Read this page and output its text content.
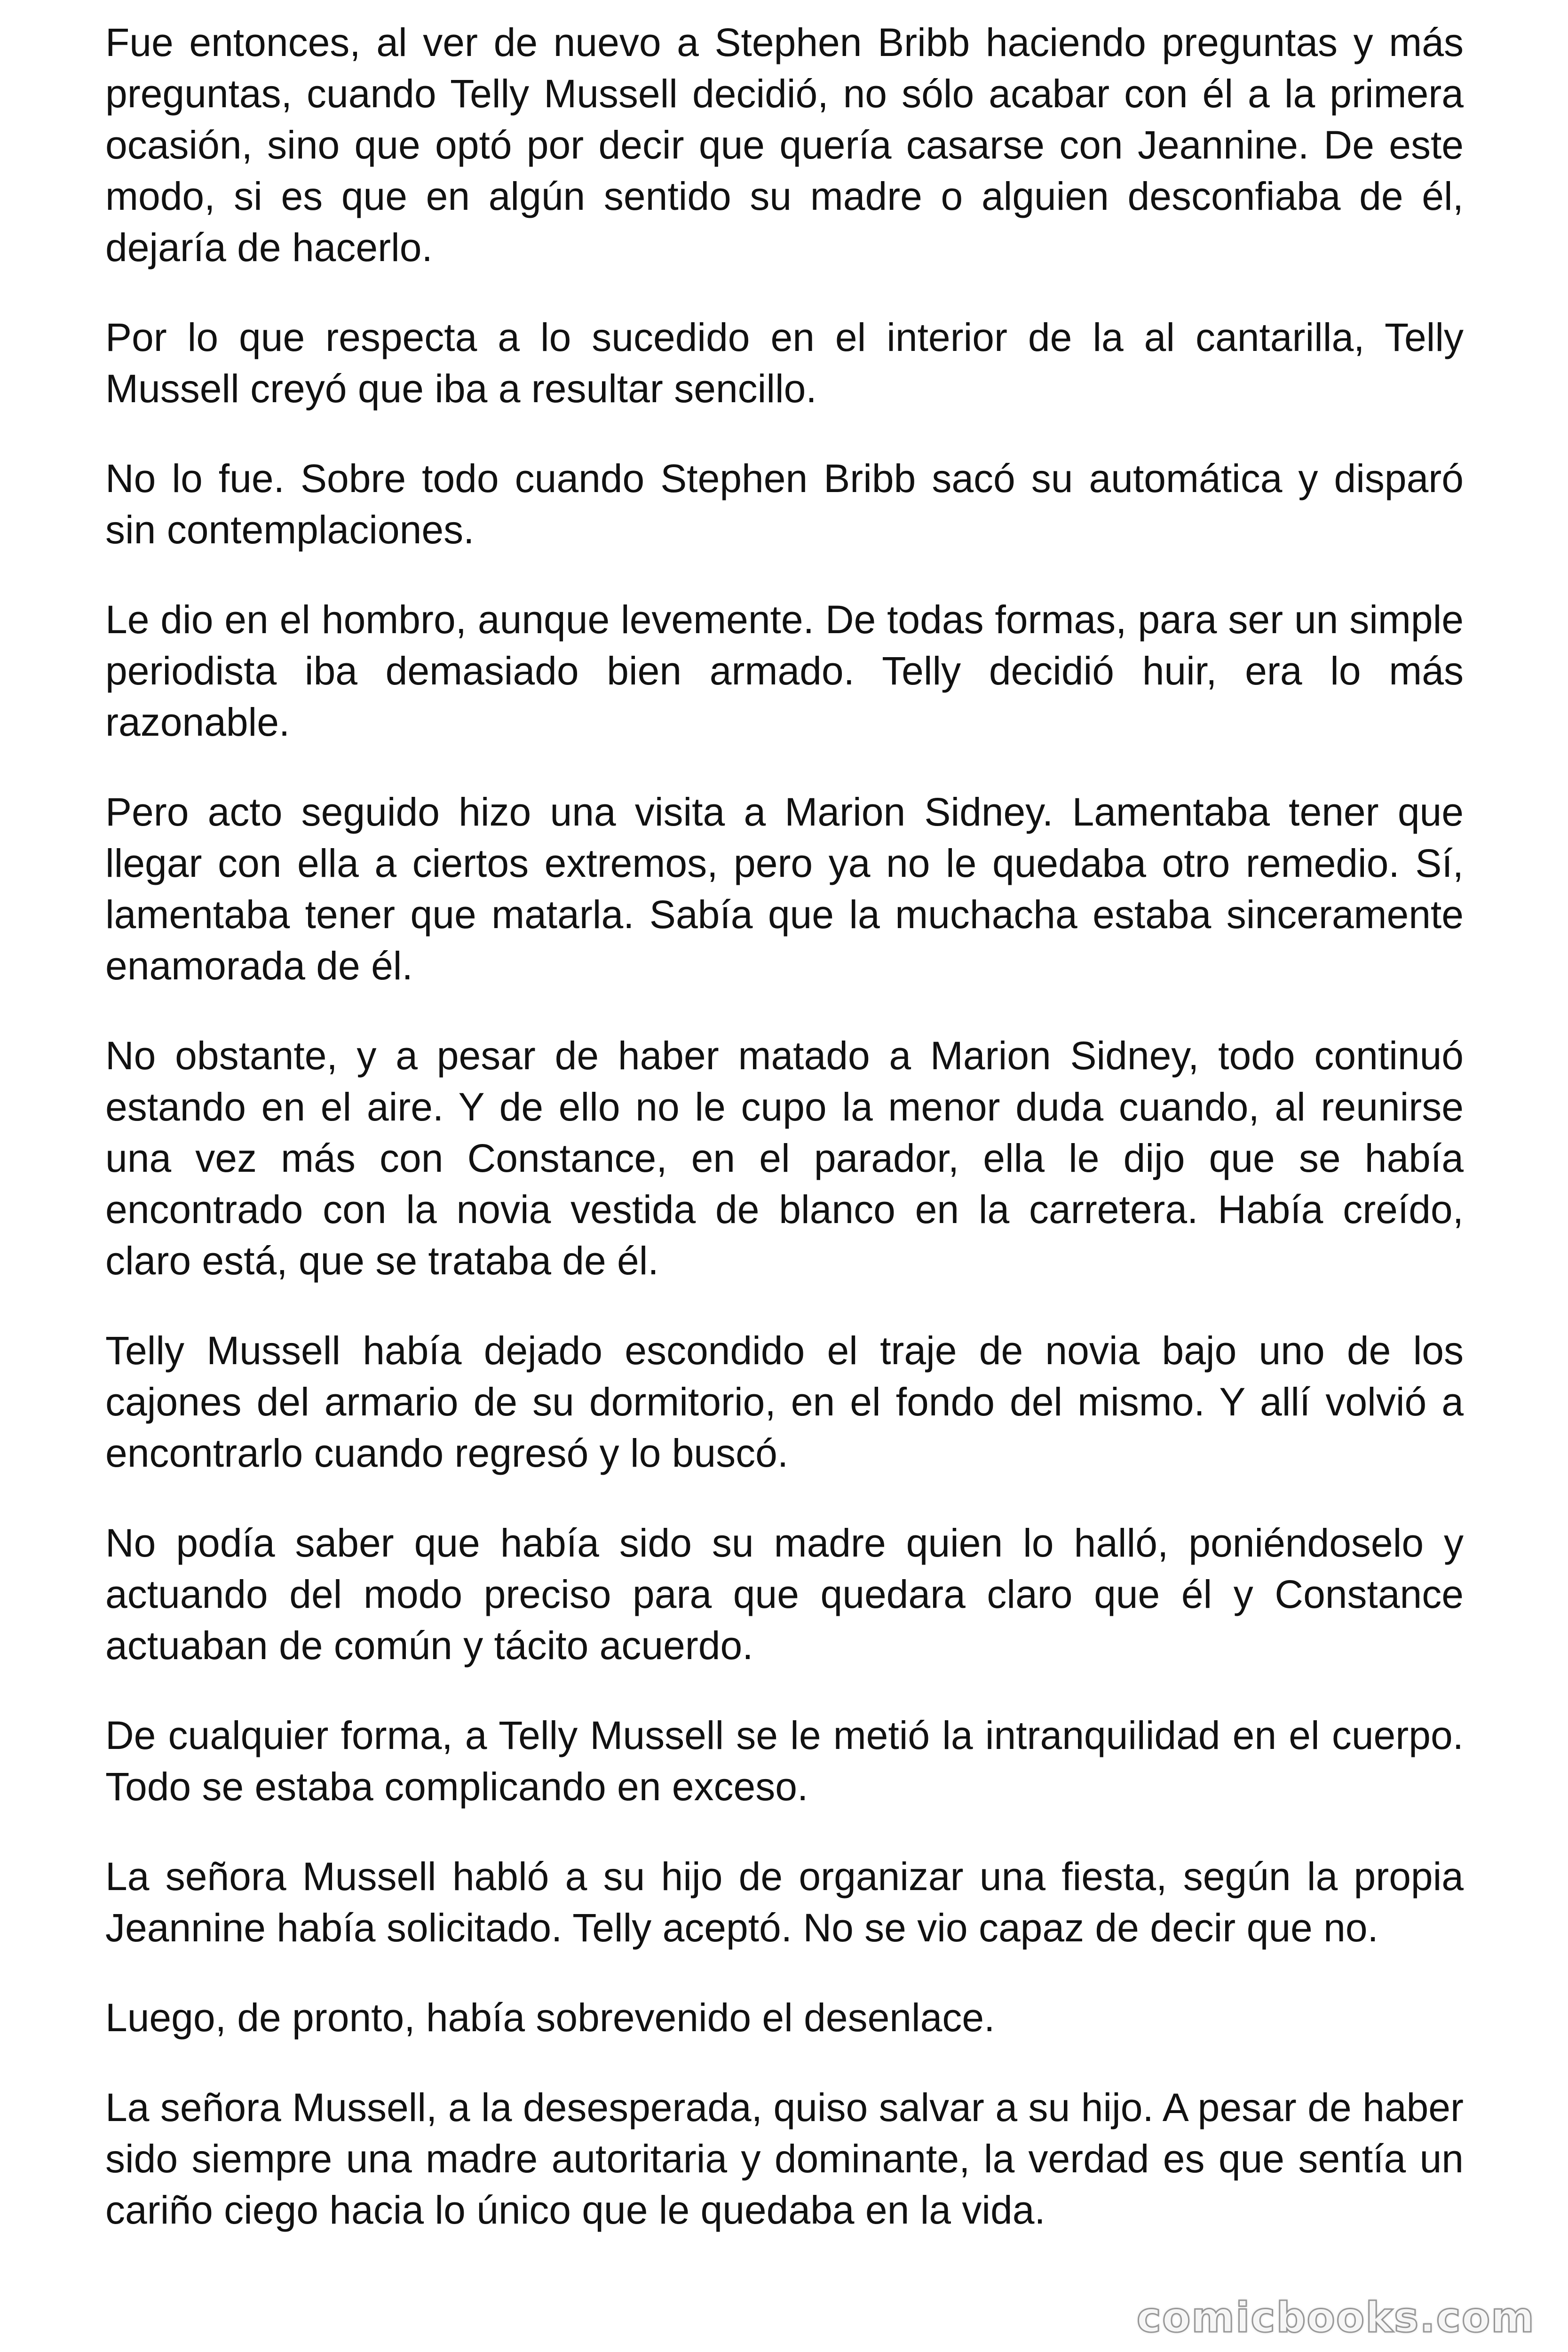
Fue entonces, al ver de nuevo a Stephen Bribb haciendo preguntas y más preguntas, cuando Telly Mussell decidió, no sólo acabar con él a la primera ocasión, sino que optó por decir que quería casarse con Jeannine. De este modo, si es que en algún sentido su madre o alguien desconfiaba de él, dejaría de hacerlo.

Por lo que respecta a lo sucedido en el interior de la al cantarilla, Telly Mussell creyó que iba a resultar sencillo.

No lo fue. Sobre todo cuando Stephen Bribb sacó su automática y disparó sin contemplaciones.

Le dio en el hombro, aunque levemente. De todas formas, para ser un simple periodista iba demasiado bien armado. Telly decidió huir, era lo más razonable.

Pero acto seguido hizo una visita a Marion Sidney. Lamentaba tener que llegar con ella a ciertos extremos, pero ya no le quedaba otro remedio. Sí, lamentaba tener que matarla. Sabía que la muchacha estaba sinceramente enamorada de él.

No obstante, y a pesar de haber matado a Marion Sidney, todo continuó estando en el aire. Y de ello no le cupo la menor duda cuando, al reunirse una vez más con Constance, en el parador, ella le dijo que se había encontrado con la novia vestida de blanco en la carretera. Había creído, claro está, que se trataba de él.

Telly Mussell había dejado escondido el traje de novia bajo uno de los cajones del armario de su dormitorio, en el fondo del mismo. Y allí volvió a encontrarlo cuando regresó y lo buscó.

No podía saber que había sido su madre quien lo halló, poniéndoselo y actuando del modo preciso para que quedara claro que él y Constance actuaban de común y tácito acuerdo.

De cualquier forma, a Telly Mussell se le metió la intranquilidad en el cuerpo. Todo se estaba complicando en exceso.

La señora Mussell habló a su hijo de organizar una fiesta, según la propia Jeannine había solicitado. Telly aceptó. No se vio capaz de decir que no.

Luego, de pronto, había sobrevenido el desenlace.

La señora Mussell, a la desesperada, quiso salvar a su hijo. A pesar de haber sido siempre una madre autoritaria y dominante, la verdad es que sentía un cariño ciego hacia lo único que le quedaba en la vida.

comicbooks.com
